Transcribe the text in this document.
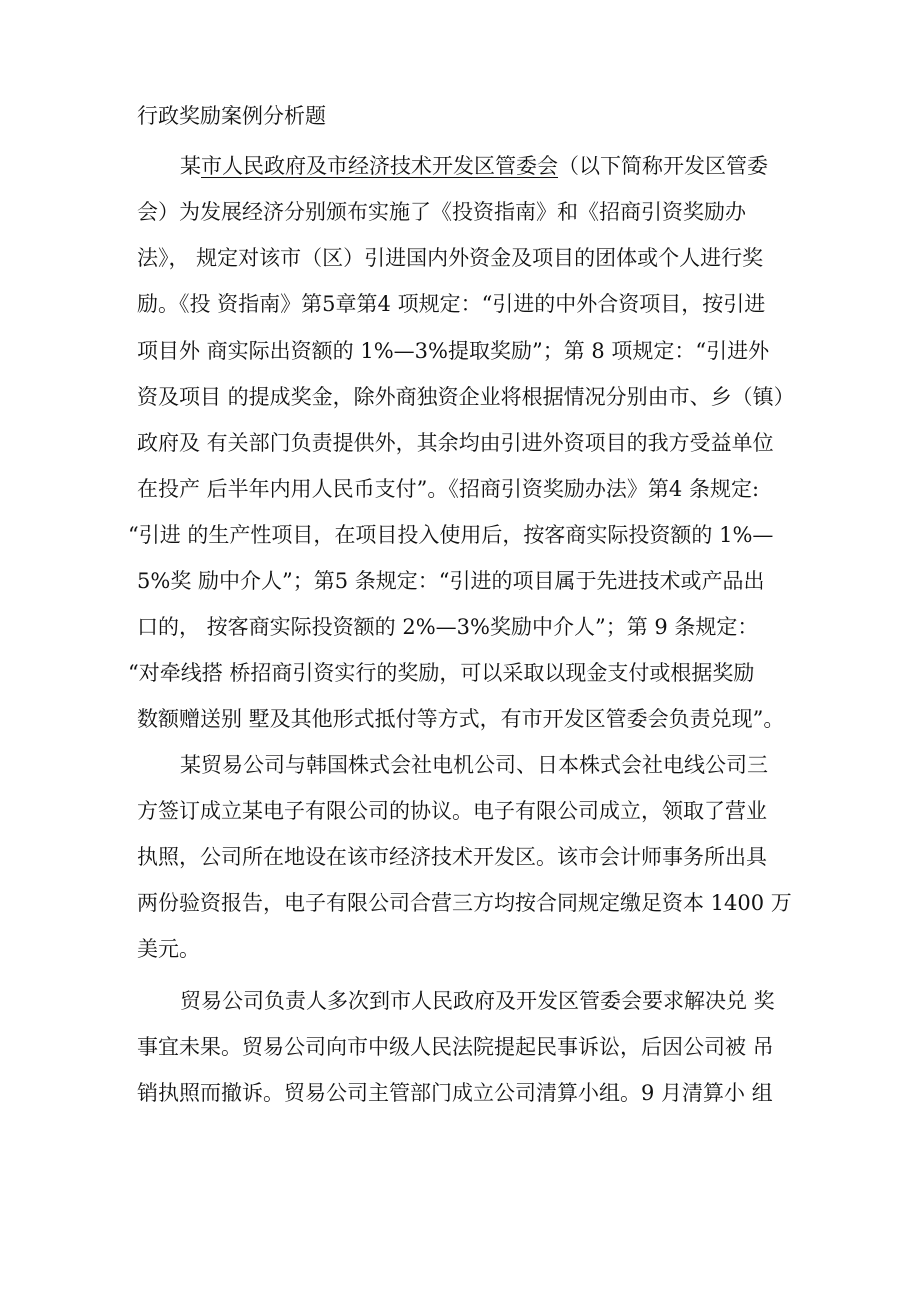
行政奖励案例分析题
某市人民政府及市经济技术开发区管委会（以下简称开发区管委
会）为发展经济分别颁布实施了《投资指南》和《招商引资奖励办
法》， 规定对该市（区）引进国内外资金及项目的团体或个人进行奖
励。《投 资指南》第5章第4 项规定：“引进的中外合资项目，按引进
项目外 商实际出资额的 1%—3%提取奖励”；第 8 项规定：“引进外
资及项目 的提成奖金，除外商独资企业将根据情况分别由市、乡（镇）
政府及 有关部门负责提供外，其余均由引进外资项目的我方受益单位
在投产 后半年内用人民币支付”。《招商引资奖励办法》第4 条规定:
“引进 的生产性项目，在项目投入使用后，按客商实际投资额的 1%—
5%奖 励中介人”；第5 条规定：“引进的项目属于先进技术或产品出
口的， 按客商实际投资额的 2%—3%奖励中介人”；第 9 条规定：
“对牵线搭 桥招商引资实行的奖励，可以采取以现金支付或根据奖励
数额赠送别 墅及其他形式抵付等方式，有市开发区管委会负责兑现”。
某贸易公司与韩国株式会社电机公司、日本株式会社电线公司三
方签订成立某电子有限公司的协议。电子有限公司成立，领取了营业
执照，公司所在地设在该市经济技术开发区。该市会计师事务所出具
两份验资报告，电子有限公司合营三方均按合同规定缴足资本 1400 万
美元。
贸易公司负责人多次到市人民政府及开发区管委会要求解决兑 奖
事宜未果。贸易公司向市中级人民法院提起民事诉讼，后因公司被 吊
销执照而撤诉。贸易公司主管部门成立公司清算小组。9 月清算小 组
